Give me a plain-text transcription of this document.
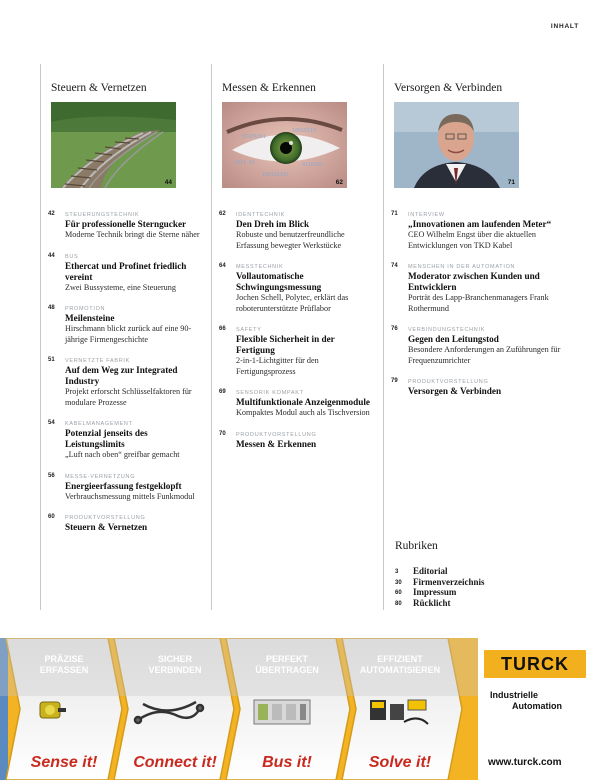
INHALT
Steuern & Vernetzen
44
42 STEUERUNGSTECHNIK
Für professionelle Sterngucker
Moderne Technik bringt die Sterne näher
44 BUS
Ethercat und Profinet friedlich vereint
Zwei Bussysteme, eine Steuerung
48 PROMOTION
Meilensteine
Hirschmann blickt zurück auf eine 90-jährige Firmengeschichte
51 VERNETZTE FABRIK
Auf dem Weg zur Integrated Industry
Projekt erforscht Schlüsselfaktoren für modulare Prozesse
54 KABELMANAGEMENT
Potenzial jenseits des Leistungslimits
„Luft nach oben“ greifbar gemacht
56 MESSE-VERNETZUNG
Energieerfassung festgeklopft
Verbrauchsmessung mittels Funkmodul
60 PRODUKTVORSTELLUNG
Steuern & Vernetzen
Messen & Erkennen
01101001
10010110
1011 01	0110101
100101101
62
62 IDENTTECHNIK
Den Dreh im Blick
Robuste und benutzerfreundliche Erfassung bewegter Werkstücke
64 MESSTECHNIK
Vollautomatische Schwingungsmessung
Jochen Schell, Polytec, erklärt das roboterunterstützte Prüflabor
66 SAFETY
Flexible Sicherheit in der Fertigung
2-in-1-Lichtgitter für den Fertigungsprozess
69 SENSORIK KOMPAKT
Multifunktionale Anzeigenmodule
Kompaktes Modul auch als Tischversion
70 PRODUKTVORSTELLUNG
Messen & Erkennen
Versorgen & Verbinden
71
71 INTERVIEW
„Innovationen am laufenden Meter“
CEO Wilhelm Engst über die aktuellen Entwicklungen von TKD Kabel
74 MENSCHEN IN DER AUTOMATION
Moderator zwischen Kunden und Entwicklern
Porträt des Lapp-Branchenmanagers Frank Rothermund
76 VERBINDUNGSTECHNIK
Gegen den Leitungstod
Besondere Anforderungen an Zuführungen für Frequenzumrichter
79 PRODUKTVORSTELLUNG
Versorgen & Verbinden
Rubriken
3 Editorial
30 Firmenverzeichnis
60 Impressum
80 Rücklicht
PRÄZISE
ERFASSEN
Sense it!
SICHER
VERBINDEN
Connect it!
PERFEKT
ÜBERTRAGEN
Bus it!
EFFIZIENT
AUTOMATISIEREN
Solve it!
TURCK
Industrielle
Automation
www.turck.com
